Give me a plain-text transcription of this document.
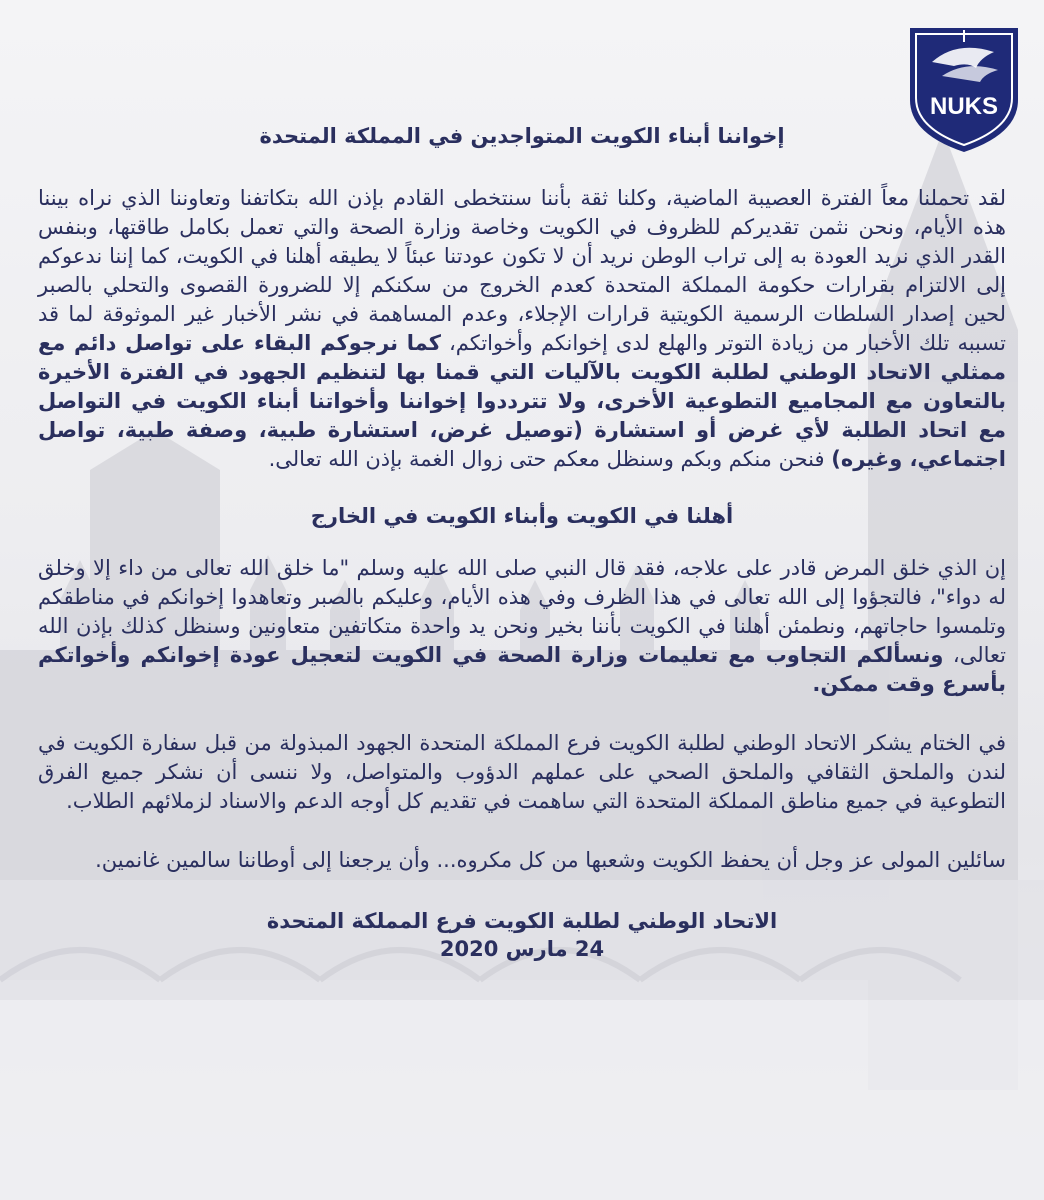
NUKS
إخواننا أبناء الكويت المتواجدين في المملكة المتحدة

لقد تحملنا معاً الفترة العصيبة الماضية، وكلنا ثقة بأننا سنتخطى القادم بإذن الله بتكاتفنا وتعاوننا الذي نراه بيننا هذه الأيام، ونحن نثمن تقديركم للظروف في الكويت وخاصة وزارة الصحة والتي تعمل بكامل طاقتها، وبنفس القدر الذي نريد العودة به إلى تراب الوطن نريد أن لا تكون عودتنا عبئاً لا يطيقه أهلنا في الكويت، كما إننا ندعوكم إلى الالتزام بقرارات حكومة المملكة المتحدة كعدم الخروج من سكنكم إلا للضرورة القصوى والتحلي بالصبر لحين إصدار السلطات الرسمية الكويتية قرارات الإجلاء، وعدم المساهمة في نشر الأخبار غير الموثوقة لما قد تسببه تلك الأخبار من زيادة التوتر والهلع لدى إخوانكم وأخواتكم، كما نرجوكم البقاء على تواصل دائم مع ممثلي الاتحاد الوطني لطلبة الكويت بالآليات التي قمنا بها لتنظيم الجهود في الفترة الأخيرة بالتعاون مع المجاميع التطوعية الأخرى، ولا تترددوا إخواننا وأخواتنا أبناء الكويت في التواصل مع اتحاد الطلبة لأي غرض أو استشارة (توصيل غرض، استشارة طبية، وصفة طبية، تواصل اجتماعي، وغيره) فنحن منكم وبكم وسنظل معكم حتى زوال الغمة بإذن الله تعالى.

أهلنا في الكويت وأبناء الكويت في الخارج

إن الذي خلق المرض قادر على علاجه، فقد قال النبي صلى الله عليه وسلم "ما خلق الله تعالى من داء إلا وخلق له دواء"، فالتجؤوا إلى الله تعالى في هذا الظرف وفي هذه الأيام، وعليكم بالصبر وتعاهدوا إخوانكم في مناطقكم وتلمسوا حاجاتهم، ونطمئن أهلنا في الكويت بأننا بخير ونحن يد واحدة متكاتفين متعاونين وسنظل كذلك بإذن الله تعالى، ونسألكم التجاوب مع تعليمات وزارة الصحة في الكويت لتعجيل عودة إخوانكم وأخواتكم بأسرع وقت ممكن.

في الختام يشكر الاتحاد الوطني لطلبة الكويت فرع المملكة المتحدة الجهود المبذولة من قبل سفارة الكويت في لندن والملحق الثقافي والملحق الصحي على عملهم الدؤوب والمتواصل، ولا ننسى أن نشكر جميع الفرق التطوعية في جميع مناطق المملكة المتحدة التي ساهمت في تقديم كل أوجه الدعم والاسناد لزملائهم الطلاب.

سائلين المولى عز وجل أن يحفظ الكويت وشعبها من كل مكروه... وأن يرجعنا إلى أوطاننا سالمين غانمين.

الاتحاد الوطني لطلبة الكويت فرع المملكة المتحدة
24 مارس 2020
